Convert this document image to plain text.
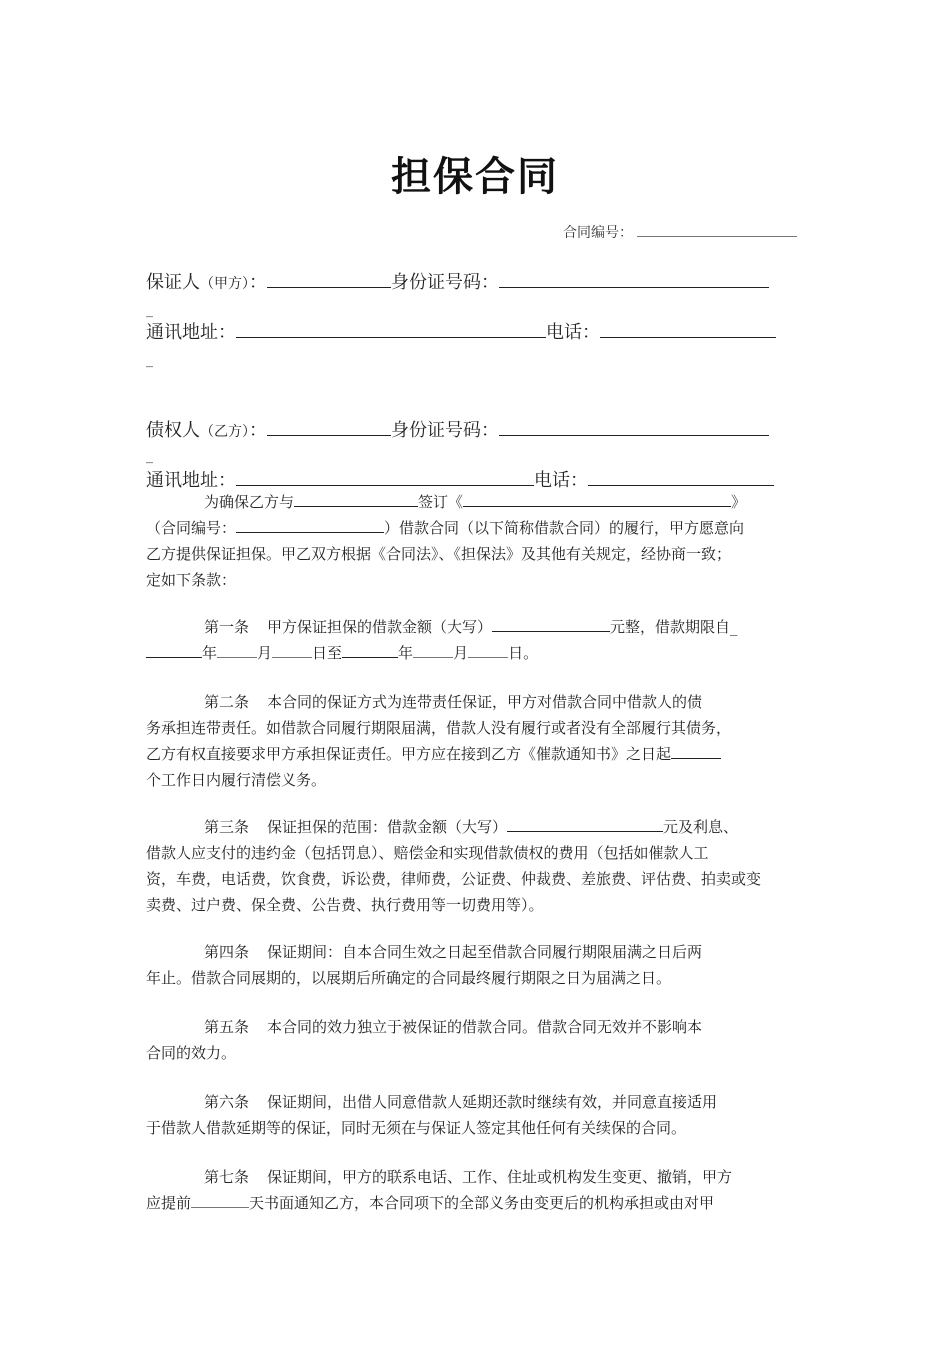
担保合同
合同编号：
保证人（甲方）：	身份证号码：
_
通讯地址：	电话：
_
债权人（乙方）：	身份证号码：
_
通讯地址：	电话：
为确保乙方与	签订《	》
（合同编号：	）借款合同（以下简称借款合同）的履行，甲方愿意向
乙方提供保证担保。甲乙双方根据《合同法》、《担保法》及其他有关规定，经协商一致；
定如下条款：
第一条 甲方保证担保的借款金额（大写）	元整，借款期限自_
年	月	日至	年	月	日。
第二条 本合同的保证方式为连带责任保证，甲方对借款合同中借款人的债
务承担连带责任。如借款合同履行期限届满，借款人没有履行或者没有全部履行其债务，
乙方有权直接要求甲方承担保证责任。甲方应在接到乙方《催款通知书》之日起
个工作日内履行清偿义务。
第三条 保证担保的范围：借款金额（大写）	元及利息、
借款人应支付的违约金（包括罚息）、赔偿金和实现借款债权的费用（包括如催款人工
资，车费，电话费，饮食费，诉讼费，律师费，公证费、仲裁费、差旅费、评估费、拍卖或变
卖费、过户费、保全费、公告费、执行费用等一切费用等）。
第四条 保证期间：自本合同生效之日起至借款合同履行期限届满之日后两
年止。借款合同展期的，以展期后所确定的合同最终履行期限之日为届满之日。
第五条 本合同的效力独立于被保证的借款合同。借款合同无效并不影响本
合同的效力。
第六条 保证期间，出借人同意借款人延期还款时继续有效，并同意直接适用
于借款人借款延期等的保证，同时无须在与保证人签定其他任何有关续保的合同。
第七条 保证期间，甲方的联系电话、工作、住址或机构发生变更、撤销，甲方
应提前	天书面通知乙方，本合同项下的全部义务由变更后的机构承担或由对甲
